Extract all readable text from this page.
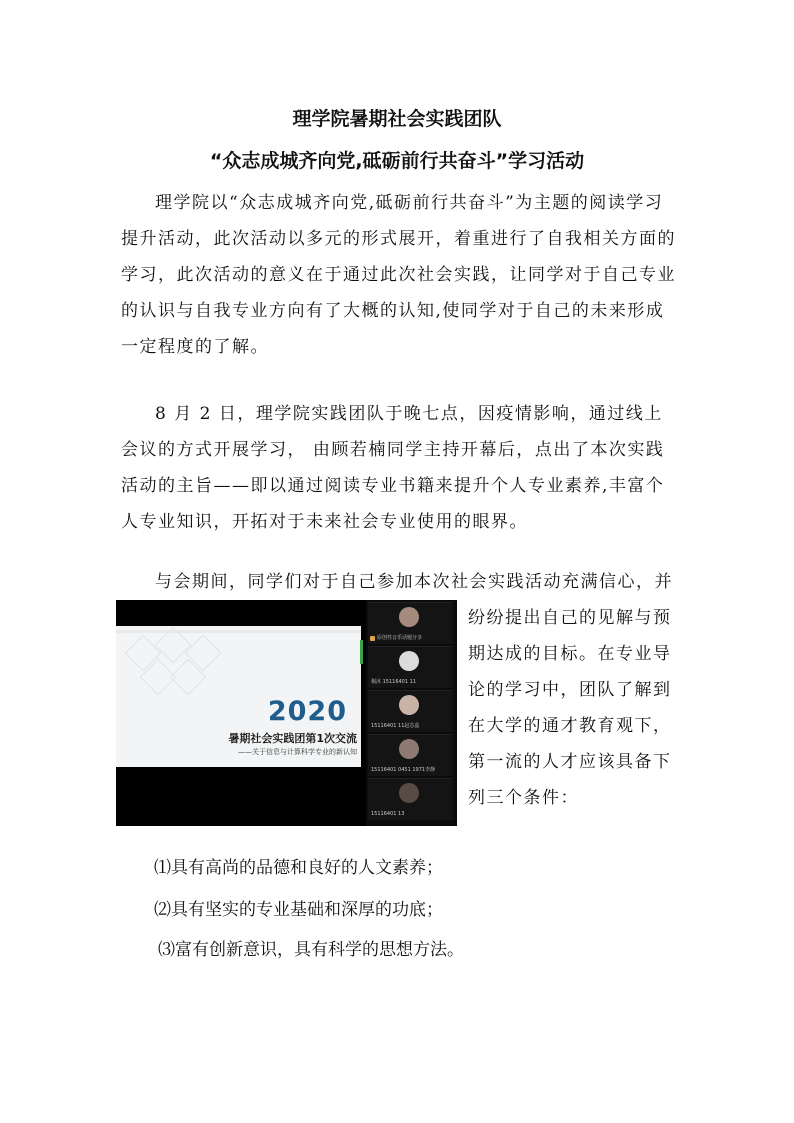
理学院暑期社会实践团队
“众志成城齐向党,砥砺前行共奋斗”学习活动

理学院以“众志成城齐向党,砥砺前行共奋斗”为主题的阅读学习提升活动，此次活动以多元的形式展开，着重进行了自我相关方面的学习，此次活动的意义在于通过此次社会实践，让同学对于自己专业的认识与自我专业方向有了大概的认知,使同学对于自己的未来形成一定程度的了解。

8 月 2 日，理学院实践团队于晚七点，因疫情影响，通过线上会议的方式开展学习， 由顾若楠同学主持开幕后，点出了本次实践活动的主旨——即以通过阅读专业书籍来提升个人专业素养,丰富个人专业知识，开拓对于未来社会专业使用的眼界。

与会期间，同学们对于自己参加本次社会实践活动充满信心，并

2020
暑期社会实践团第1次交流
——关于信息与计算科学专业的新认知
原创性音乐话题分享
楊沐 15116401 11
15116401 11赵芯蕊
15116401 0451 1971李静
15116401 13

纷纷提出自己的见解与预期达成的目标。在专业导论的学习中，团队了解到在大学的通才教育观下，第一流的人才应该具备下列三个条件：

⑴具有高尚的品德和良好的人文素养；
⑵具有坚实的专业基础和深厚的功底；
⑶富有创新意识，具有科学的思想方法。
